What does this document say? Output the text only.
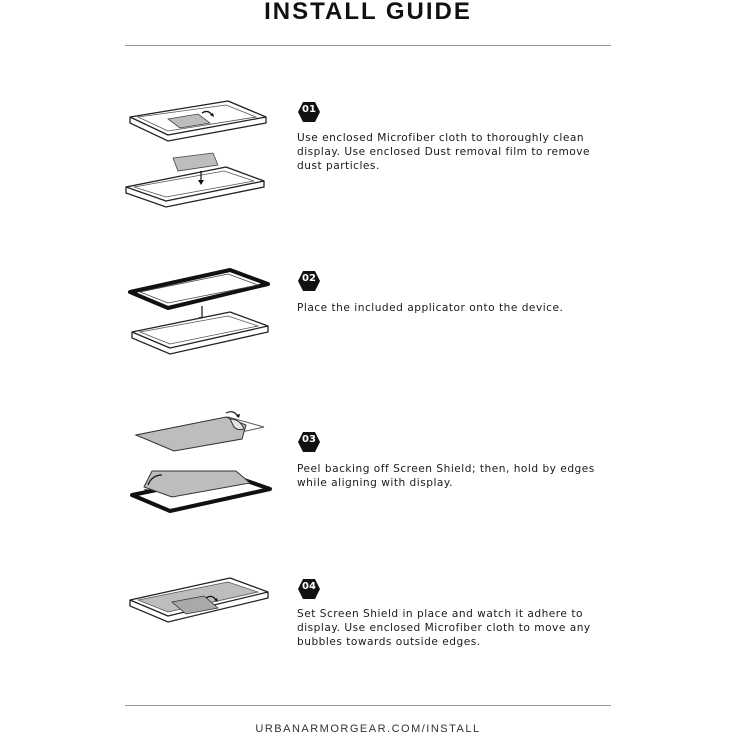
INSTALL GUIDE
01
02
03
04
Use enclosed Microfiber cloth to thoroughly clean display. Use enclosed Dust removal film to remove dust particles.
Place the included applicator onto the device.
Peel backing off Screen Shield; then, hold by edges while aligning with display.
Set Screen Shield in place and watch it adhere to display. Use enclosed Microfiber cloth to move any bubbles towards outside edges.
URBANARMORGEAR.COM/INSTALL
